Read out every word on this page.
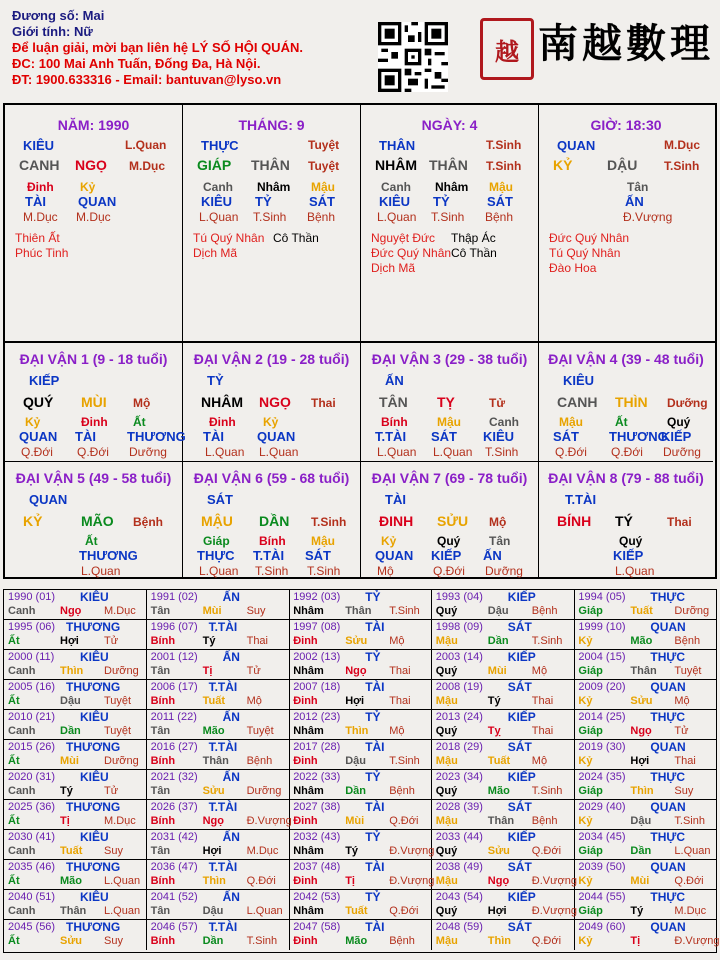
Đương số: Mai
Giới tính: Nữ
Để luận giải, mời bạn liên hệ LÝ SỐ HỘI QUÁN.
ĐC: 100 Mai Anh Tuấn, Đống Đa, Hà Nội.
ĐT: 1900.633316 - Email: bantuvan@lyso.vn
越 南越數理
NĂM: 1990
KIÊU	L.Quan
CANH NGỌ M.Dục
Đinh Kỷ
TÀI QUAN
M.Dục M.Dục
Thiên Ất
Phúc Tinh
THÁNG: 9
THỰC	Tuyệt
GIÁP THÂN Tuyệt
Canh Nhâm Mậu
KIÊU TỶ	SÁT
L.Quan T.Sinh Bệnh
Tú Quý Nhân
Dịch Mã
Cô Thần
NGÀY: 4
THÂN	T.Sinh
NHÂM THÂN T.Sinh
Canh Nhâm Mậu
KIÊU TỶ	SÁT
L.Quan T.Sinh Bệnh
Nguyệt Đức
Đức Quý Nhân
Dịch Mã
Thập Ác
Cô Thần
GIỜ: 18:30
QUAN	M.Dục
KỶ DẬU T.Sinh
Tân
ẤN
Đ.Vượng
Đức Quý Nhân
Tú Quý Nhân
Đào Hoa
ĐẠI VẬN 1 (9 - 18 tuổi)
KIẾP
QUÝ MÙI Mộ
Kỷ	Đinh Ất
QUAN TÀI THƯƠNG
Q.Đới Q.Đới Dưỡng
ĐẠI VẬN 2 (19 - 28 tuổi)
TỶ
NHÂM NGỌ Thai
Đinh Kỷ
TÀI	QUAN
L.Quan L.Quan
ĐẠI VẬN 3 (29 - 38 tuổi)
ẤN
TÂN TỴ	Tử
Bính Mậu Canh
T.TÀI SÁT KIÊU
L.Quan L.Quan T.Sinh
ĐẠI VẬN 4 (39 - 48 tuổi)
KIÊU
CANH THÌN Dưỡng
Mậu	Ất	Quý
SÁT THƯƠNG
KIẾP
Q.Đới Q.Đới Dưỡng
ĐẠI VẬN 5 (49 - 58 tuổi)
QUAN
KỶ	MÃO Bệnh
Ất
THƯƠNG
L.Quan
ĐẠI VẬN 6 (59 - 68 tuổi)
SÁT
MẬU DẦN T.Sinh
Giáp Bính Mậu
THỰC T.TÀI SÁT
L.Quan T.Sinh T.Sinh
ĐẠI VẬN 7 (69 - 78 tuổi)
TÀI
ĐINH SỬU Mộ
Kỷ	Quý Tân
QUAN KIẾP ẤN
Mộ	Q.Đới Dưỡng
ĐẠI VẬN 8 (79 - 88 tuổi)
T.TÀI
BÍNH TÝ	Thai
Quý
KIẾP
L.Quan
1990 (01) KIÊU
Canh Ngọ M.Dục
1991 (02) ẤN
Tân	Mùi Suy
1992 (03) TỶ
Nhâm Thân T.Sinh
1993 (04) KIẾP
Quý	Dậu Bệnh
1994 (05) THỰC
Giáp	Tuất Dưỡng
1995 (06) THƯƠNG
Ất	Hợi Tử
1996 (07) T.TÀI
Bính	Tý	Thai
1997 (08) TÀI
Đinh	Sửu Mộ
1998 (09) SÁT
Mậu	Dần T.Sinh
1999 (10) QUAN
Kỷ	Mão Bệnh
2000 (11) KIÊU
Canh Thìn Dưỡng
2001 (12) ẤN
Tân	Tị	Tử
2002 (13) TỶ
Nhâm Ngọ Thai
2003 (14) KIẾP
Quý	Mùi Mộ
2004 (15) THỰC
Giáp	Thân Tuyệt
2005 (16) THƯƠNG
Ất	Dậu Tuyệt
2006 (17) T.TÀI
Bính	Tuất Mộ
2007 (18) TÀI
Đinh	Hợi Thai
2008 (19) SÁT
Mậu	Tý	Thai
2009 (20) QUAN
Kỷ	Sửu Mộ
2010 (21) KIÊU
Canh Dần Tuyệt
2011 (22) ẤN
Tân	Mão Tuyệt
2012 (23) TỶ
Nhâm Thìn Mộ
2013 (24) KIẾP
Quý	Tỵ	Thai
2014 (25) THỰC
Giáp	Ngọ Tử
2015 (26) THƯƠNG
Ất	Mùi Dưỡng
2016 (27) T.TÀI
Bính	Thân Bệnh
2017 (28) TÀI
Đinh	Dậu T.Sinh
2018 (29) SÁT
Mậu	Tuất Mộ
2019 (30) QUAN
Kỷ	Hợi Thai
2020 (31) KIÊU
Canh Tý	Tử
2021 (32) ẤN
Tân	Sửu Dưỡng
2022 (33) TỶ
Nhâm Dần Bệnh
2023 (34) KIẾP
Quý	Mão T.Sinh
2024 (35) THỰC
Giáp	Thìn Suy
2025 (36) THƯƠNG
Ất	Tị	M.Dục
2026 (37) T.TÀI
Bính	Ngọ Đ.Vượng
2027 (38) TÀI
Đinh	Mùi Q.Đới
2028 (39) SÁT
Mậu	Thân Bệnh
2029 (40) QUAN
Kỷ	Dậu T.Sinh
2030 (41) KIÊU
Canh Tuất Suy
2031 (42) ẤN
Tân	Hợi M.Dục
2032 (43) TỶ
Nhâm Tý	Đ.Vượng
2033 (44) KIẾP
Quý	Sửu Q.Đới
2034 (45) THỰC
Giáp	Dần L.Quan
2035 (46) THƯƠNG
Ất	Mão L.Quan
2036 (47) T.TÀI
Bính	Thìn Q.Đới
2037 (48) TÀI
Đinh	Tị	Đ.Vượng
2038 (49) SÁT
Mậu	Ngọ Đ.Vượng
2039 (50) QUAN
Kỷ	Mùi Q.Đới
2040 (51) KIÊU
Canh Thân L.Quan
2041 (52) ẤN
Tân	Dậu L.Quan
2042 (53) TỶ
Nhâm Tuất Q.Đới
2043 (54) KIẾP
Quý	Hợi Đ.Vượng
2044 (55) THỰC
Giáp	Tý	M.Dục
2045 (56) THƯƠNG
Ất	Sửu Suy
2046 (57) T.TÀI
Bính	Dần T.Sinh
2047 (58) TÀI
Đinh	Mão Bệnh
2048 (59) SÁT
Mậu	Thìn Q.Đới
2049 (60) QUAN
Kỷ	Tị	Đ.Vượng
